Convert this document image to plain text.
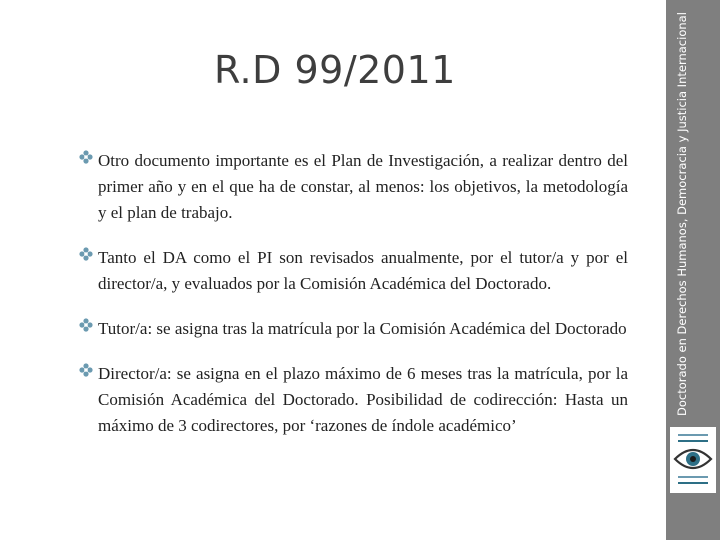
R.D 99/2011
Otro documento importante es el Plan de Investigación, a realizar dentro del primer año y en el que ha de constar, al menos: los objetivos, la metodología y el plan de trabajo.
Tanto el DA como el PI son revisados anualmente, por el tutor/a y por el director/a, y evaluados por la Comisión Académica del Doctorado.
Tutor/a: se asigna tras la matrícula por la Comisión Académica del Doctorado
Director/a: se asigna en el plazo máximo de 6 meses tras la matrícula, por la Comisión Académica del Doctorado. Posibilidad de codirección: Hasta un máximo de 3 codirectores, por ‘razones de índole académico’
Doctorado en Derechos Humanos, Democracia y Justicia Internacional
